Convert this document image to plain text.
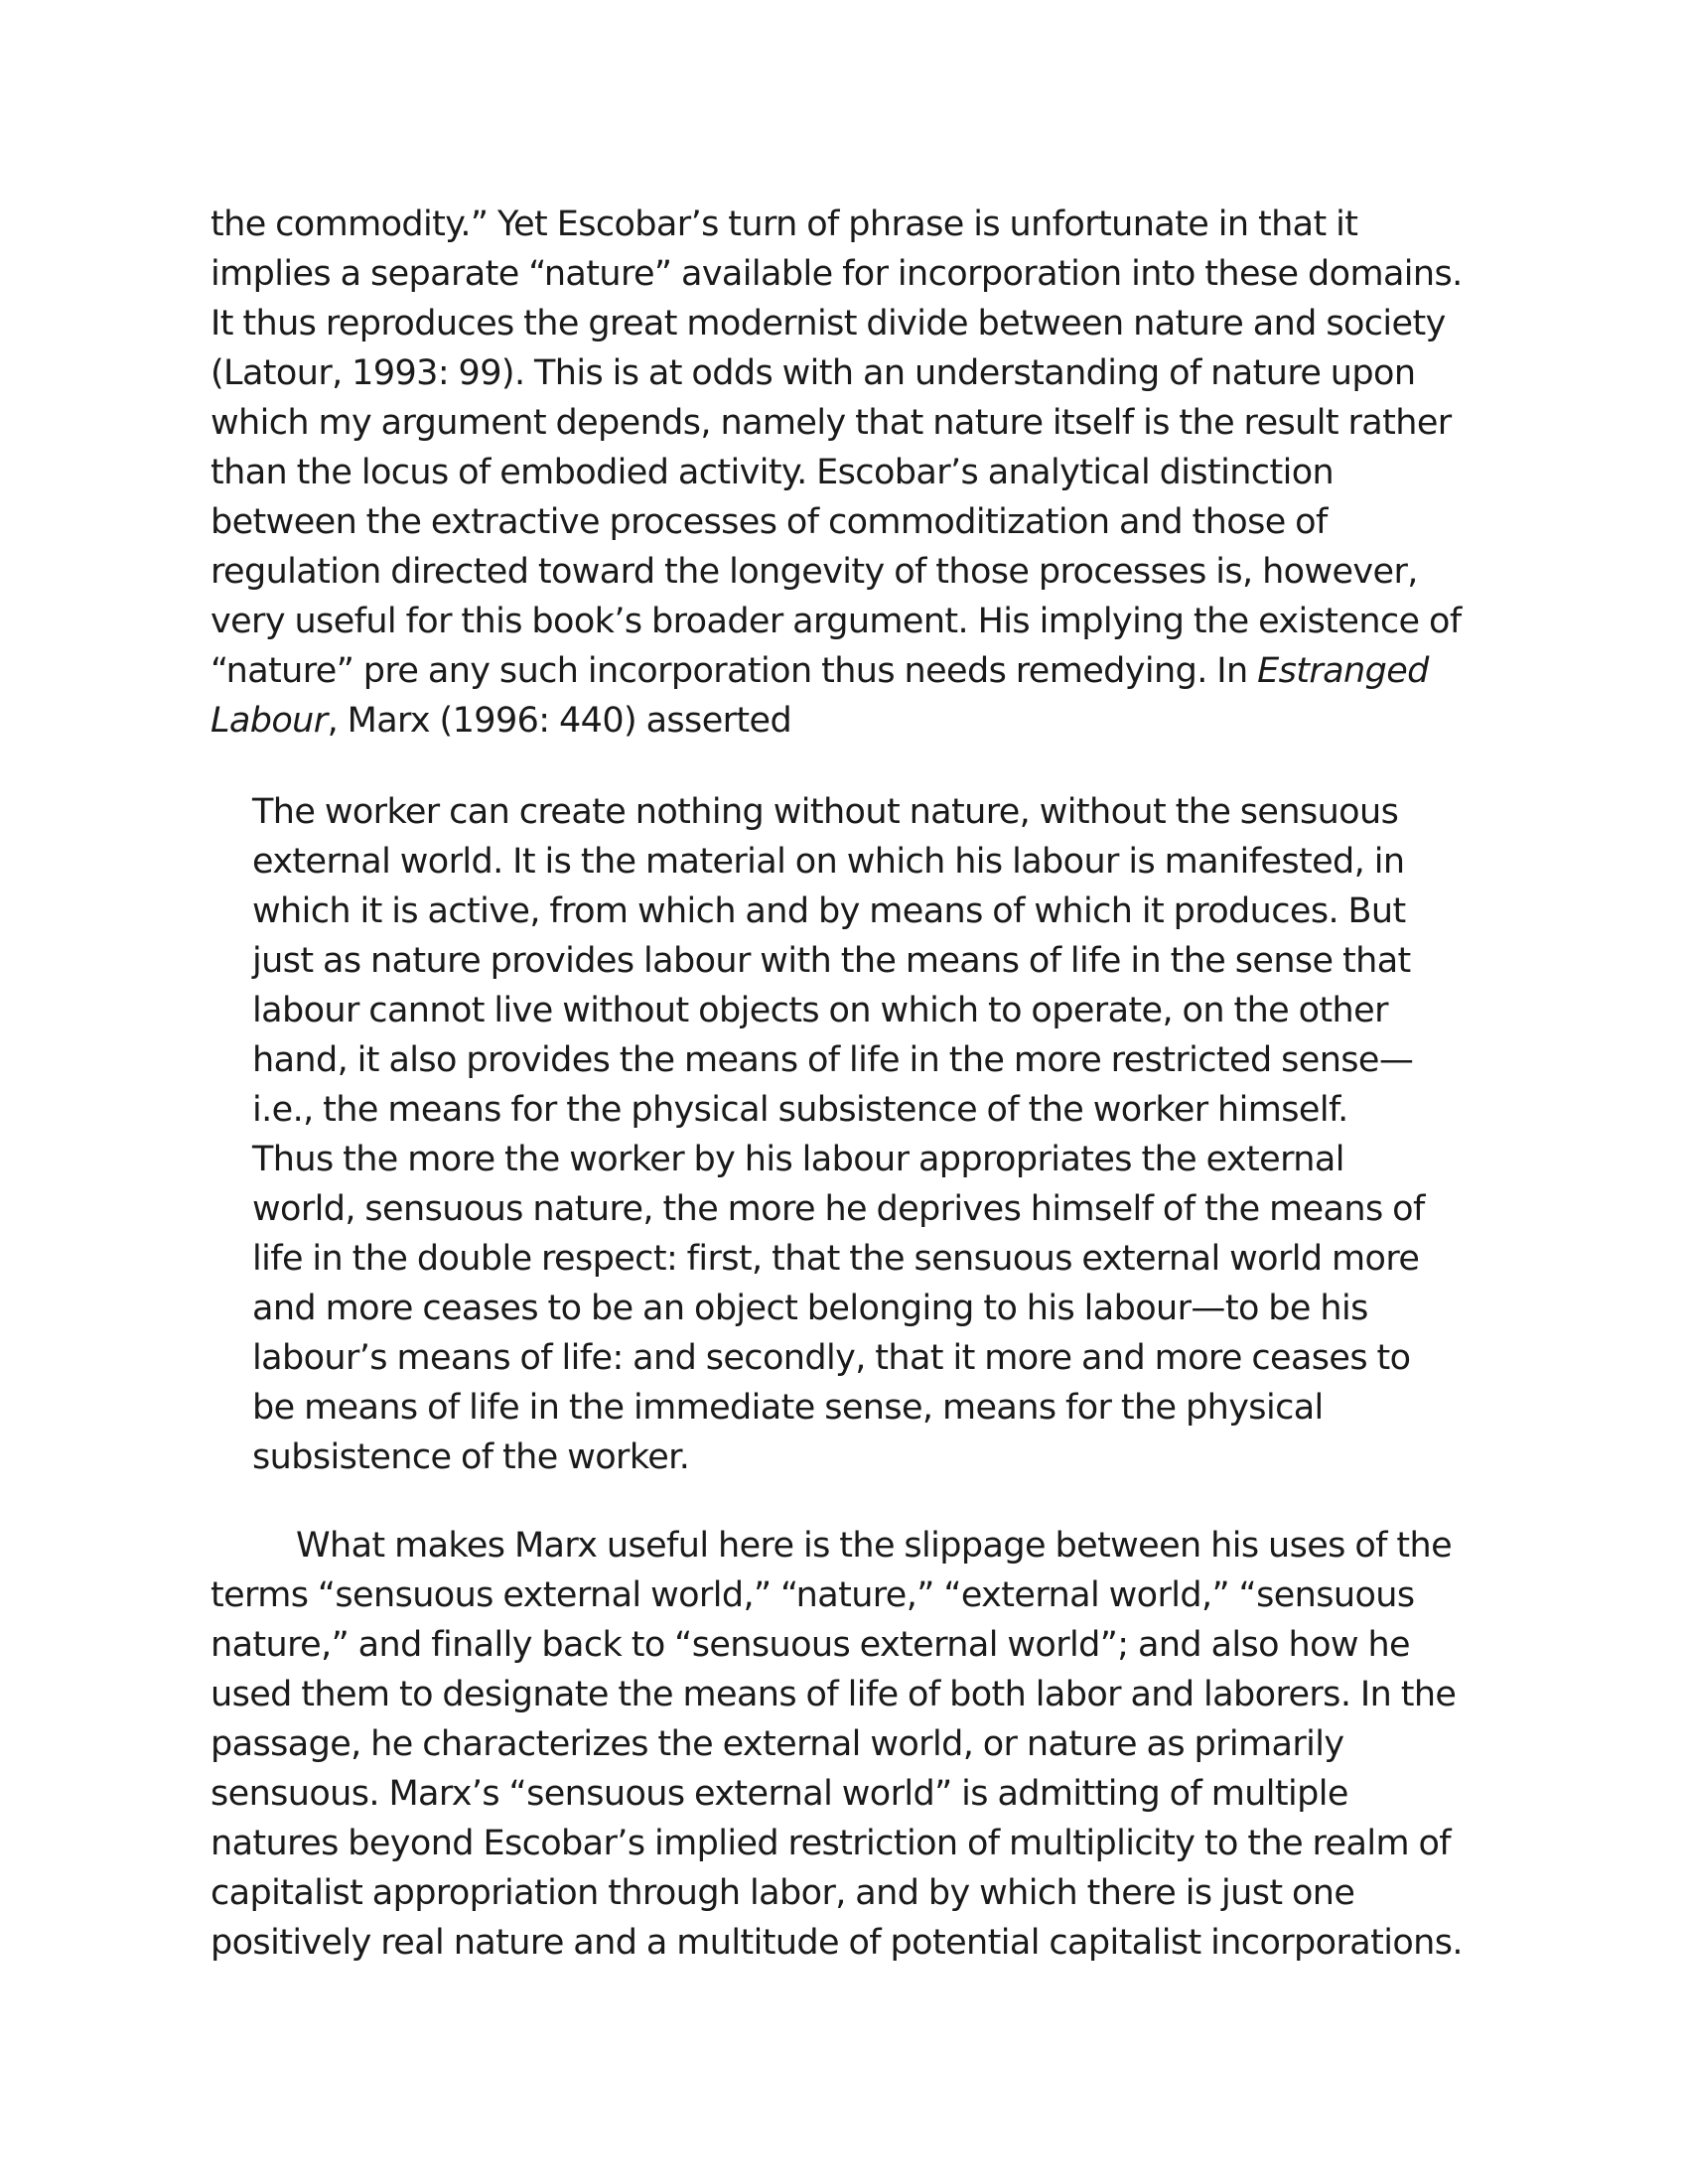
the commodity.” Yet Escobar’s turn of phrase is unfortunate in that it
implies a separate “nature” available for incorporation into these domains.
It thus reproduces the great modernist divide between nature and society
(Latour, 1993: 99). This is at odds with an understanding of nature upon
which my argument depends, namely that nature itself is the result rather
than the locus of embodied activity. Escobar’s analytical distinction
between the extractive processes of commoditization and those of
regulation directed toward the longevity of those processes is, however,
very useful for this book’s broader argument. His implying the existence of
“nature” pre any such incorporation thus needs remedying. In Estranged
Labour, Marx (1996: 440) asserted

The worker can create nothing without nature, without the sensuous
external world. It is the material on which his labour is manifested, in
which it is active, from which and by means of which it produces. But
just as nature provides labour with the means of life in the sense that
labour cannot live without objects on which to operate, on the other
hand, it also provides the means of life in the more restricted sense—
i.e., the means for the physical subsistence of the worker himself.
Thus the more the worker by his labour appropriates the external
world, sensuous nature, the more he deprives himself of the means of
life in the double respect: first, that the sensuous external world more
and more ceases to be an object belonging to his labour—to be his
labour’s means of life: and secondly, that it more and more ceases to
be means of life in the immediate sense, means for the physical
subsistence of the worker.

What makes Marx useful here is the slippage between his uses of the
terms “sensuous external world,” “nature,” “external world,” “sensuous
nature,” and finally back to “sensuous external world”; and also how he
used them to designate the means of life of both labor and laborers. In the
passage, he characterizes the external world, or nature as primarily
sensuous. Marx’s “sensuous external world” is admitting of multiple
natures beyond Escobar’s implied restriction of multiplicity to the realm of
capitalist appropriation through labor, and by which there is just one
positively real nature and a multitude of potential capitalist incorporations.
